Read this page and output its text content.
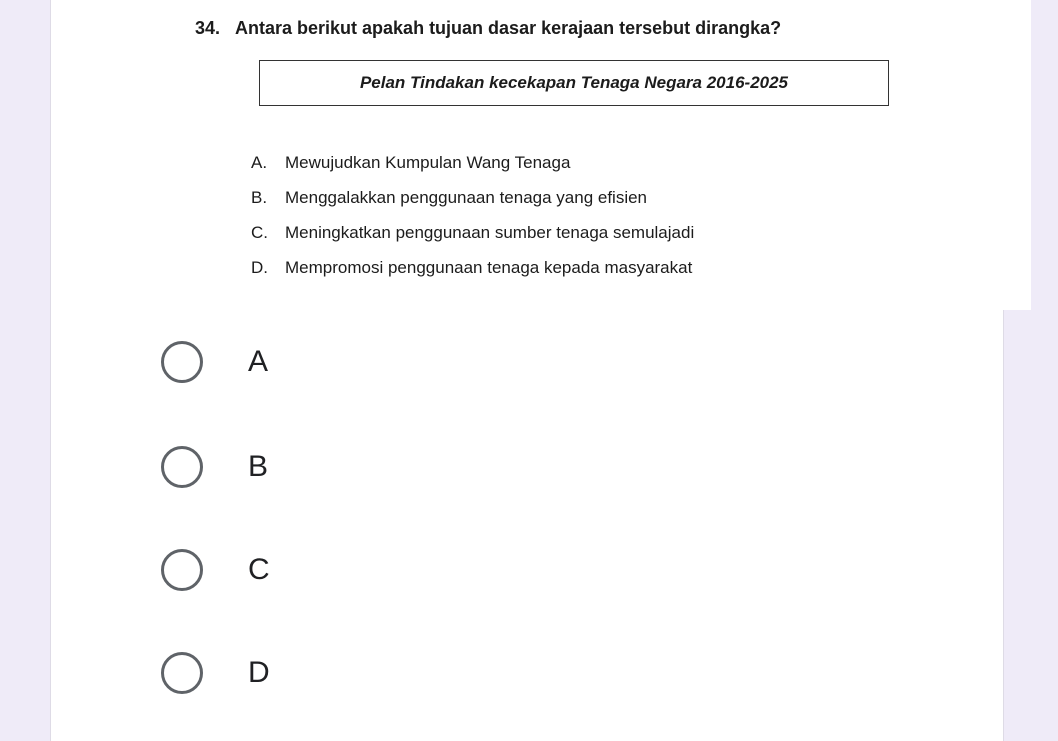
34. Antara berikut apakah tujuan dasar kerajaan tersebut dirangka?
Pelan Tindakan kecekapan Tenaga Negara 2016-2025
A. Mewujudkan Kumpulan Wang Tenaga
B. Menggalakkan penggunaan tenaga yang efisien
C. Meningkatkan penggunaan sumber tenaga semulajadi
D. Mempromosi penggunaan tenaga kepada masyarakat
A
B
C
D
